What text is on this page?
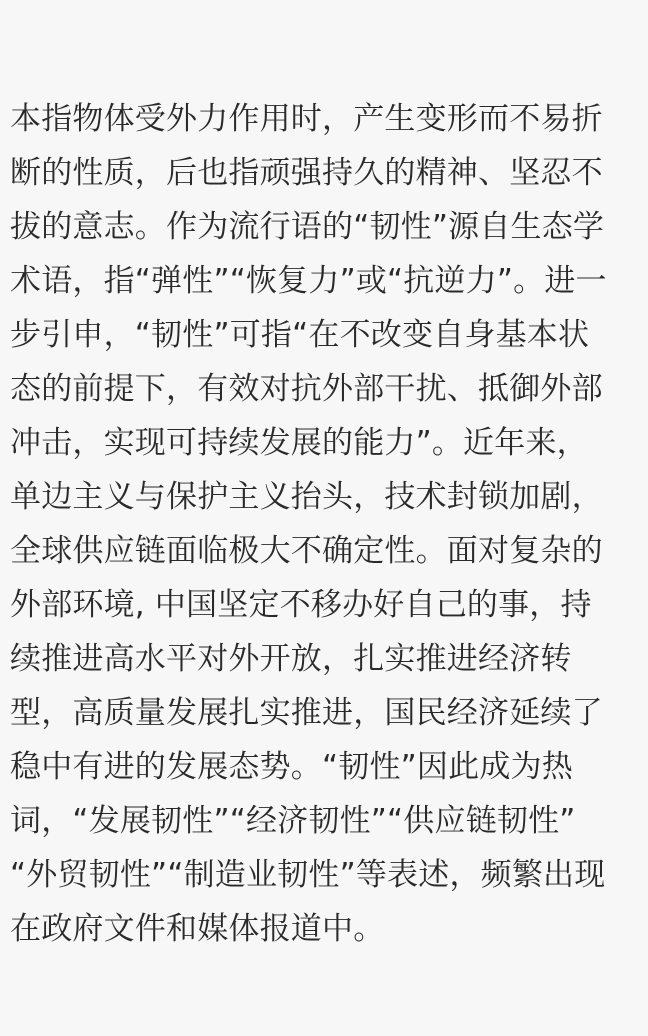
本指物体受外力作用时，产生变形而不易折
断的性质，后也指顽强持久的精神、坚忍不
拔的意志。作为流行语的“韧性”源自生态学
术语，指“弹性”“恢复力”或“抗逆力”。进一
步引申，“韧性”可指“在不改变自身基本状
态的前提下，有效对抗外部干扰、抵御外部
冲击，实现可持续发展的能力”。近年来，
单边主义与保护主义抬头，技术封锁加剧，
全球供应链面临极大不确定性。面对复杂的
外部环境, 中国坚定不移办好自己的事，持
续推进高水平对外开放，扎实推进经济转
型，高质量发展扎实推进，国民经济延续了
稳中有进的发展态势。“韧性”因此成为热
词，“发展韧性”“经济韧性”“供应链韧性”
“外贸韧性”“制造业韧性”等表述，频繁出现
在政府文件和媒体报道中。
